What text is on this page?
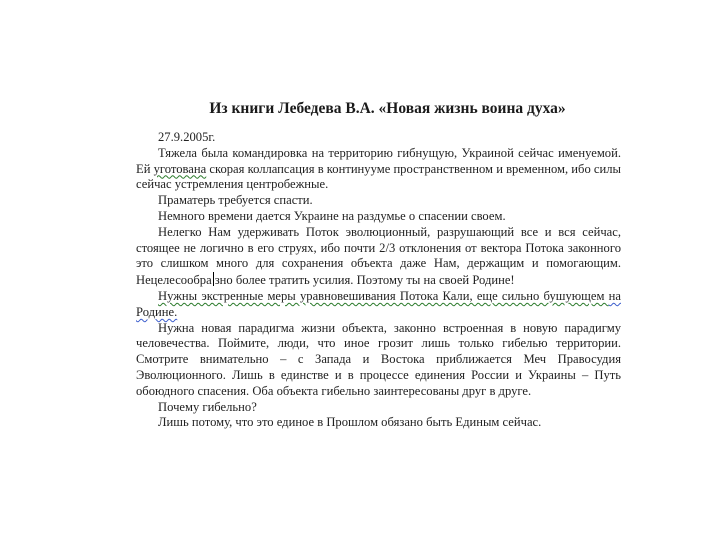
Из книги Лебедева В.А. «Новая жизнь воина духа»

27.9.2005г.

Тяжела была командировка на территорию гибнущую, Украиной сейчас именуемой. Ей уготована скорая коллапсация в континууме пространственном и временном, ибо силы сейчас устремления центробежные.

Праматерь требуется спасти.

Немного времени дается Украине на раздумье о спасении своем.

Нелегко Нам удерживать Поток эволюционный, разрушающий все и вся сейчас, стоящее не логично в его струях, ибо почти 2/3 отклонения от вектора Потока законного это слишком много для сохранения объекта даже Нам, держащим и помогающим. Нецелесообра зно более тратить усилия. Поэтому ты на своей Родине!

Нужны экстренные меры уравновешивания Потока Кали, еще сильно бушующем на Родине.

Нужна новая парадигма жизни объекта, законно встроенная в новую парадигму человечества. Поймите, люди, что иное грозит лишь только гибелью территории. Смотрите внимательно – с Запада и Востока приближается Меч Правосудия Эволюционного. Лишь в единстве и в процессе единения России и Украины – Путь обоюдного спасения. Оба объекта гибельно заинтересованы друг в друге.

Почему гибельно?

Лишь потому, что это единое в Прошлом обязано быть Единым сейчас.
